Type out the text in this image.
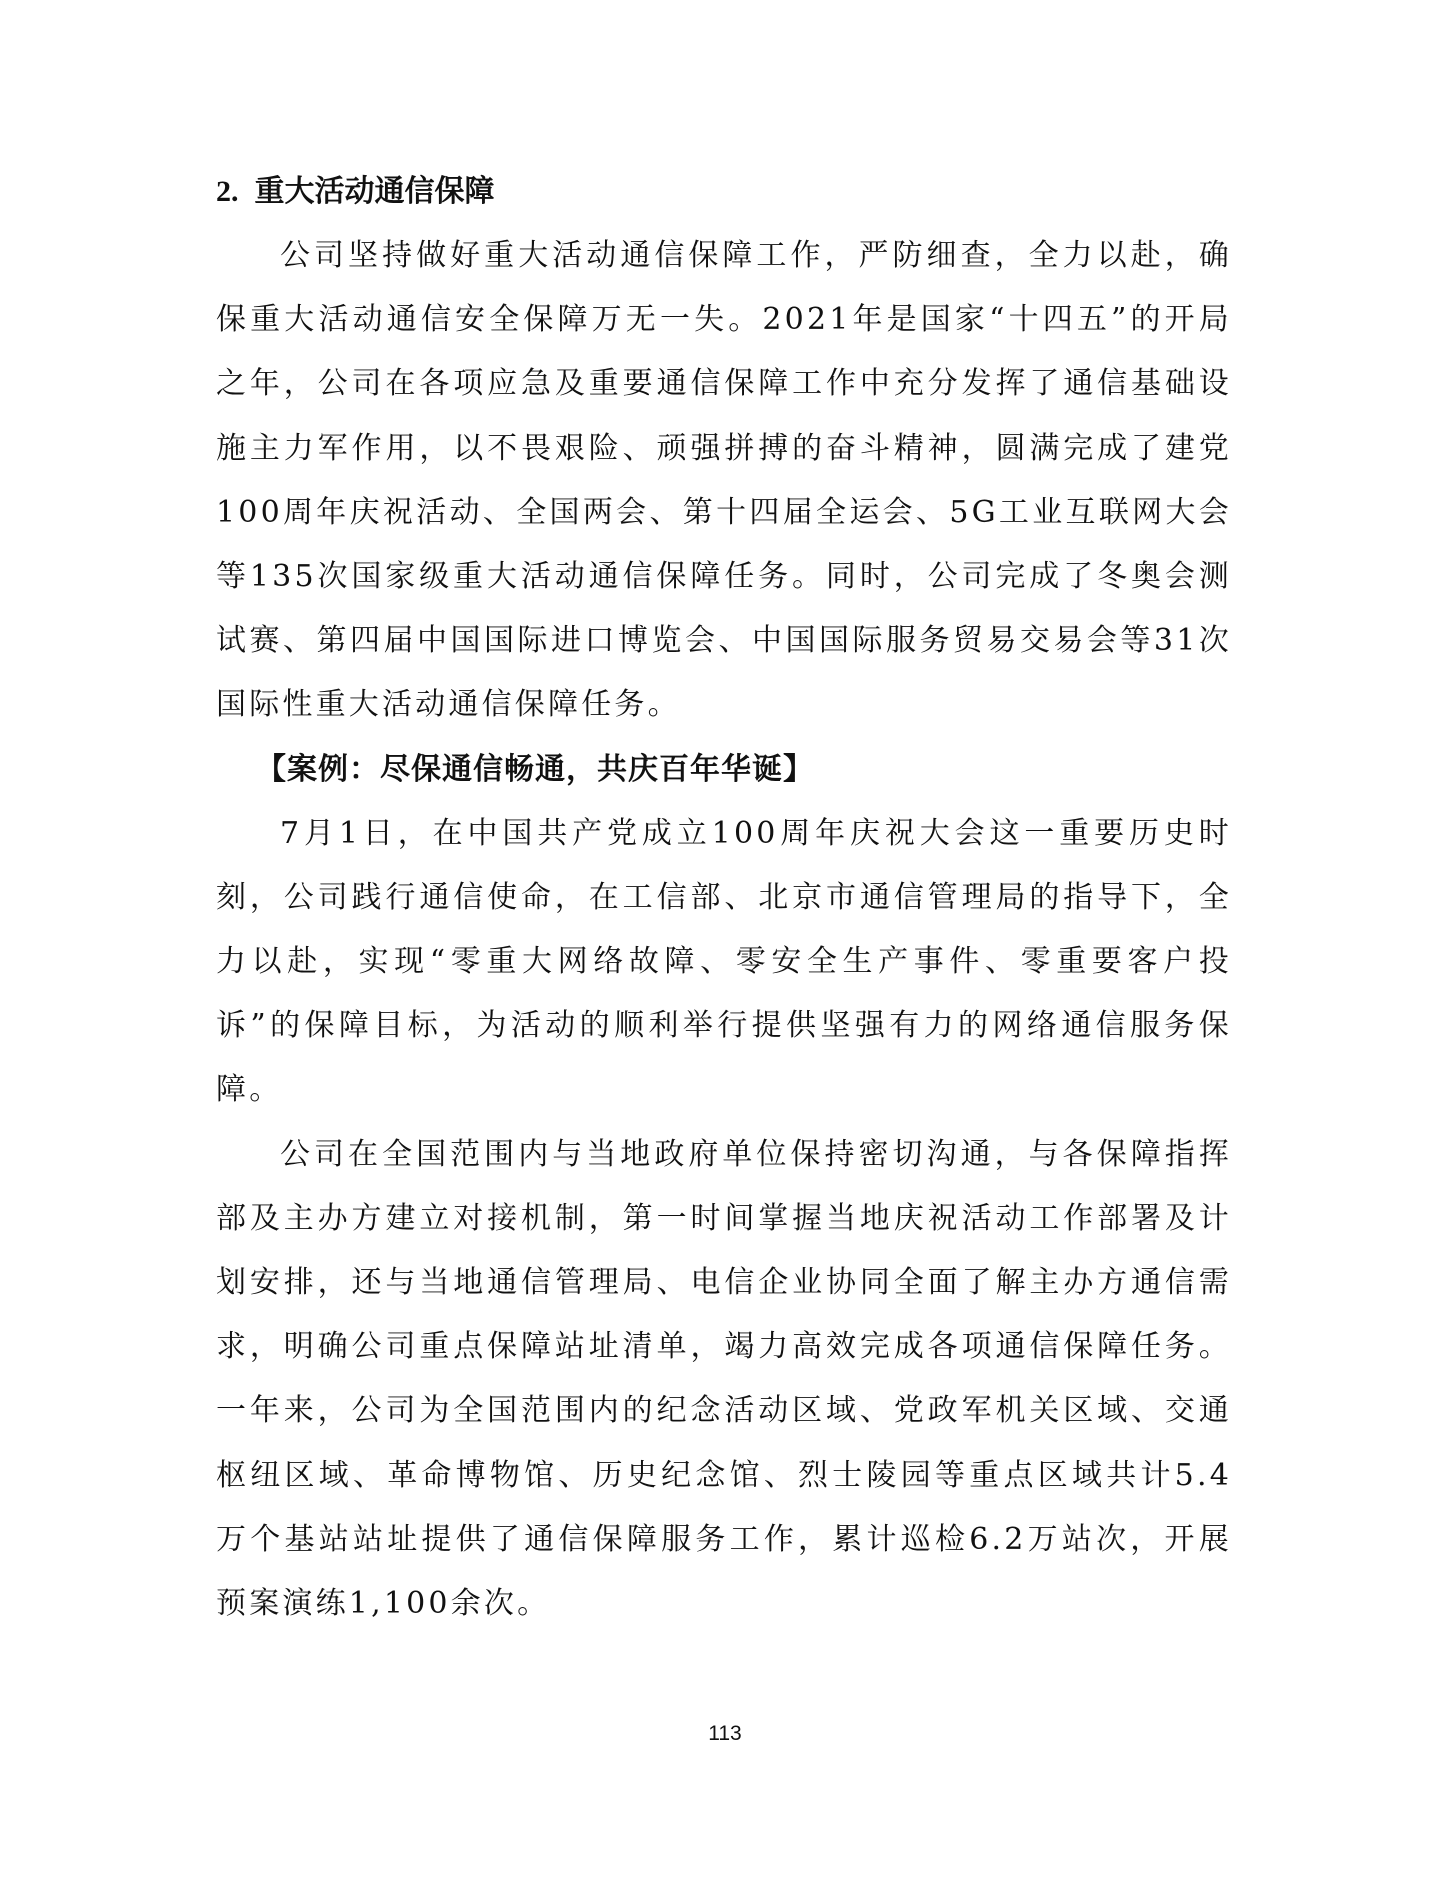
2. 重大活动通信保障

公司坚持做好重大活动通信保障工作，严防细查，全力以赴，确保重大活动通信安全保障万无一失。2021年是国家“十四五”的开局之年，公司在各项应急及重要通信保障工作中充分发挥了通信基础设施主力军作用，以不畏艰险、顽强拼搏的奋斗精神，圆满完成了建党100周年庆祝活动、全国两会、第十四届全运会、5G工业互联网大会等135次国家级重大活动通信保障任务。同时，公司完成了冬奥会测试赛、第四届中国国际进口博览会、中国国际服务贸易交易会等31次国际性重大活动通信保障任务。

【案例：尽保通信畅通，共庆百年华诞】

7月1日，在中国共产党成立100周年庆祝大会这一重要历史时刻，公司践行通信使命，在工信部、北京市通信管理局的指导下，全力以赴，实现“零重大网络故障、零安全生产事件、零重要客户投诉”的保障目标，为活动的顺利举行提供坚强有力的网络通信服务保障。

公司在全国范围内与当地政府单位保持密切沟通，与各保障指挥部及主办方建立对接机制，第一时间掌握当地庆祝活动工作部署及计划安排，还与当地通信管理局、电信企业协同全面了解主办方通信需求，明确公司重点保障站址清单，竭力高效完成各项通信保障任务。一年来，公司为全国范围内的纪念活动区域、党政军机关区域、交通枢纽区域、革命博物馆、历史纪念馆、烈士陵园等重点区域共计5.4万个基站站址提供了通信保障服务工作，累计巡检6.2万站次，开展预案演练1,100余次。

113
